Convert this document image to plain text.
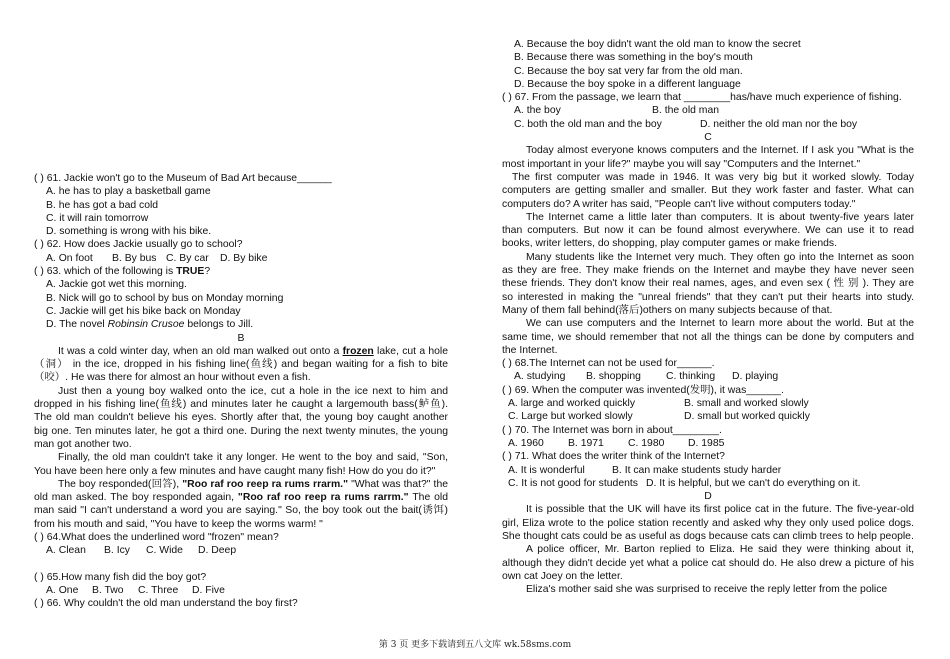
( ) 61. Jackie won't go to the Museum of Bad Art because______
A. he has to play a basketball game
B. he has got a bad cold
C. it will rain tomorrow
D. something is wrong with his bike.
( ) 62. How does Jackie usually go to school?
A. On foot B. By bus C. By car D. By bike
( ) 63. which of the following is TRUE?
A. Jackie got wet this morning.
B. Nick will go to school by bus on Monday morning
C. Jackie will get his bike back on Monday
D. The novel Robinsin Crusoe belongs to Jill.
B
It was a cold winter day, when an old man walked out onto a frozen lake, cut a hole（洞） in the ice, dropped in his fishing line(鱼线) and began waiting for a fish to bite（咬）. He was there for almost an hour without even a fish.
Just then a young boy walked onto the ice, cut a hole in the ice next to him and dropped in his fishing line(鱼线) and minutes later he caught a largemouth bass(鲈鱼). The old man couldn't believe his eyes. Shortly after that, the young boy caught another big one. Ten minutes later, he got a third one. During the next twenty minutes, the young man got another two.
Finally, the old man couldn't take it any longer. He went to the boy and said, "Son, You have been here only a few minutes and have caught many fish! How do you do it?"
The boy responded(回答), "Roo raf roo reep ra rums rrarm." "What was that?" the old man asked. The boy responded again, "Roo raf roo reep ra rums rarrm." The old man said "I can't understand a word you are saying." So, the boy took out the bait(诱饵) from his mouth and said, "You have to keep the worms warm! "
( ) 64.What does the underlined word "frozen" mean?
A. Clean B. Icy C. Wide D. Deep
( ) 65.How many fish did the boy got?
A. One B. Two C. Three D. Five
( ) 66. Why couldn't the old man understand the boy first?
A. Because the boy didn't want the old man to know the secret
B. Because there was something in the boy's mouth
C. Because the boy sat very far from the old man.
D. Because the boy spoke in a different language
( ) 67. From the passage, we learn that ________has/have much experience of fishing.
A. the boy	B. the old man
C. both the old man and the boy	D. neither the old man nor the boy
C
Today almost everyone knows computers and the Internet. If I ask you "What is the most important in your life?" maybe you will say "Computers and the Internet."
The first computer was made in 1946. It was very big but it worked slowly. Today computers are getting smaller and smaller. But they work faster and faster. What can computers do? A writer has said, "People can't live without computers today."
The Internet came a little later than computers. It is about twenty-five years later than computers. But now it can be found almost everywhere. We can use it to read books, writer letters, do shopping, play computer games or make friends.
Many students like the Internet very much. They often go into the Internet as soon as they are free. They make friends on the Internet and maybe they have never seen these friends. They don't know their real names, ages, and even sex ( 性 别 ). They are so interested in making the "unreal friends" that they can't put their hearts into study. Many of them fall behind(落后)others on many subjects because of that.
We can use computers and the Internet to learn more about the world. But at the same time, we should remember that not all the things can be done by computers and the Internet.
( ) 68.The Internet can not be used for______.
A. studying B. shopping C. thinking D. playing
( ) 69. When the computer was invented(发明), it was______.
A. large and worked quickly	B. small and worked slowly
C. Large but worked slowly	D. small but worked quickly
( ) 70. The Internet was born in about________.
A. 1960 B. 1971 C. 1980 D. 1985
( ) 71. What does the writer think of the Internet?
A. It is wonderful	B. It can make students study harder
C. It is not good for students D. It is helpful, but we can't do everything on it.
D
It is possible that the UK will have its first police cat in the future. The five-year-old girl, Eliza wrote to the police station recently and asked why they only used police dogs. She thought cats could be as useful as dogs because cats can climb trees to help people.
A police officer, Mr. Barton replied to Eliza. He said they were thinking about it, although they didn't decide yet what a police cat should do. He also drew a picture of his own cat Joey on the letter.
Eliza's mother said she was surprised to receive the reply letter from the police
第 3 页 更多下载请到五八文库 wk.58sms.com
